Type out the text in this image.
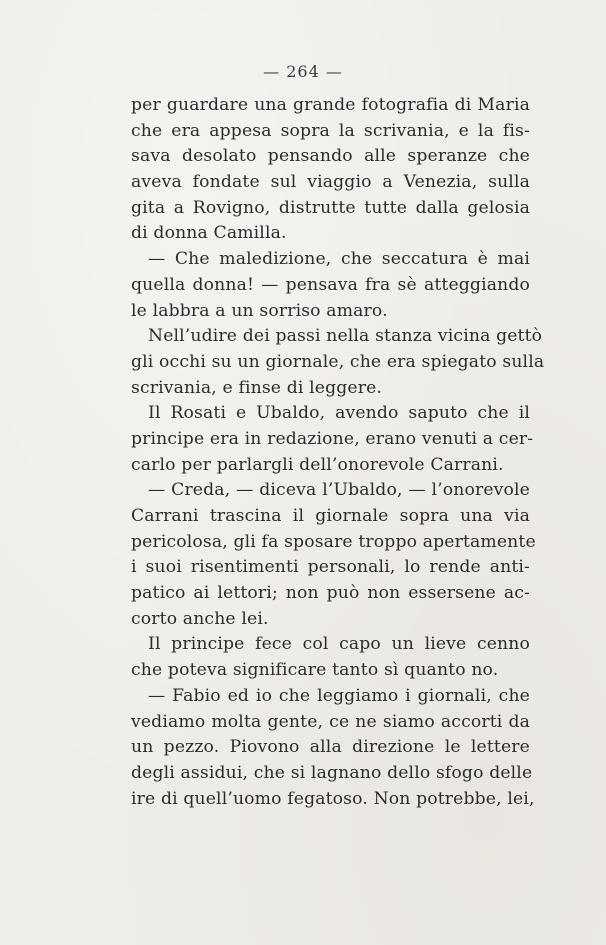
— 264 —
per guardare una grande fotografia di Maria
che era appesa sopra la scrivania, e la fis-
sava desolato pensando alle speranze che
aveva fondate sul viaggio a Venezia, sulla
gita a Rovigno, distrutte tutte dalla gelosia
di donna Camilla.
— Che maledizione, che seccatura è mai
quella donna! — pensava fra sè atteggiando
le labbra a un sorriso amaro.
Nell’udire dei passi nella stanza vicina gettò
gli occhi su un giornale, che era spiegato sulla
scrivania, e finse di leggere.
Il Rosati e Ubaldo, avendo saputo che il
principe era in redazione, erano venuti a cer-
carlo per parlargli dell’onorevole Carrani.
— Creda, — diceva l’Ubaldo, — l’onorevole
Carrani trascina il giornale sopra una via
pericolosa, gli fa sposare troppo apertamente
i suoi risentimenti personali, lo rende anti-
patico ai lettori; non può non essersene ac-
corto anche lei.
Il principe fece col capo un lieve cenno
che poteva significare tanto sì quanto no.
— Fabio ed io che leggiamo i giornali, che
vediamo molta gente, ce ne siamo accorti da
un pezzo. Piovono alla direzione le lettere
degli assidui, che si lagnano dello sfogo delle
ire di quell’uomo fegatoso. Non potrebbe, lei,
